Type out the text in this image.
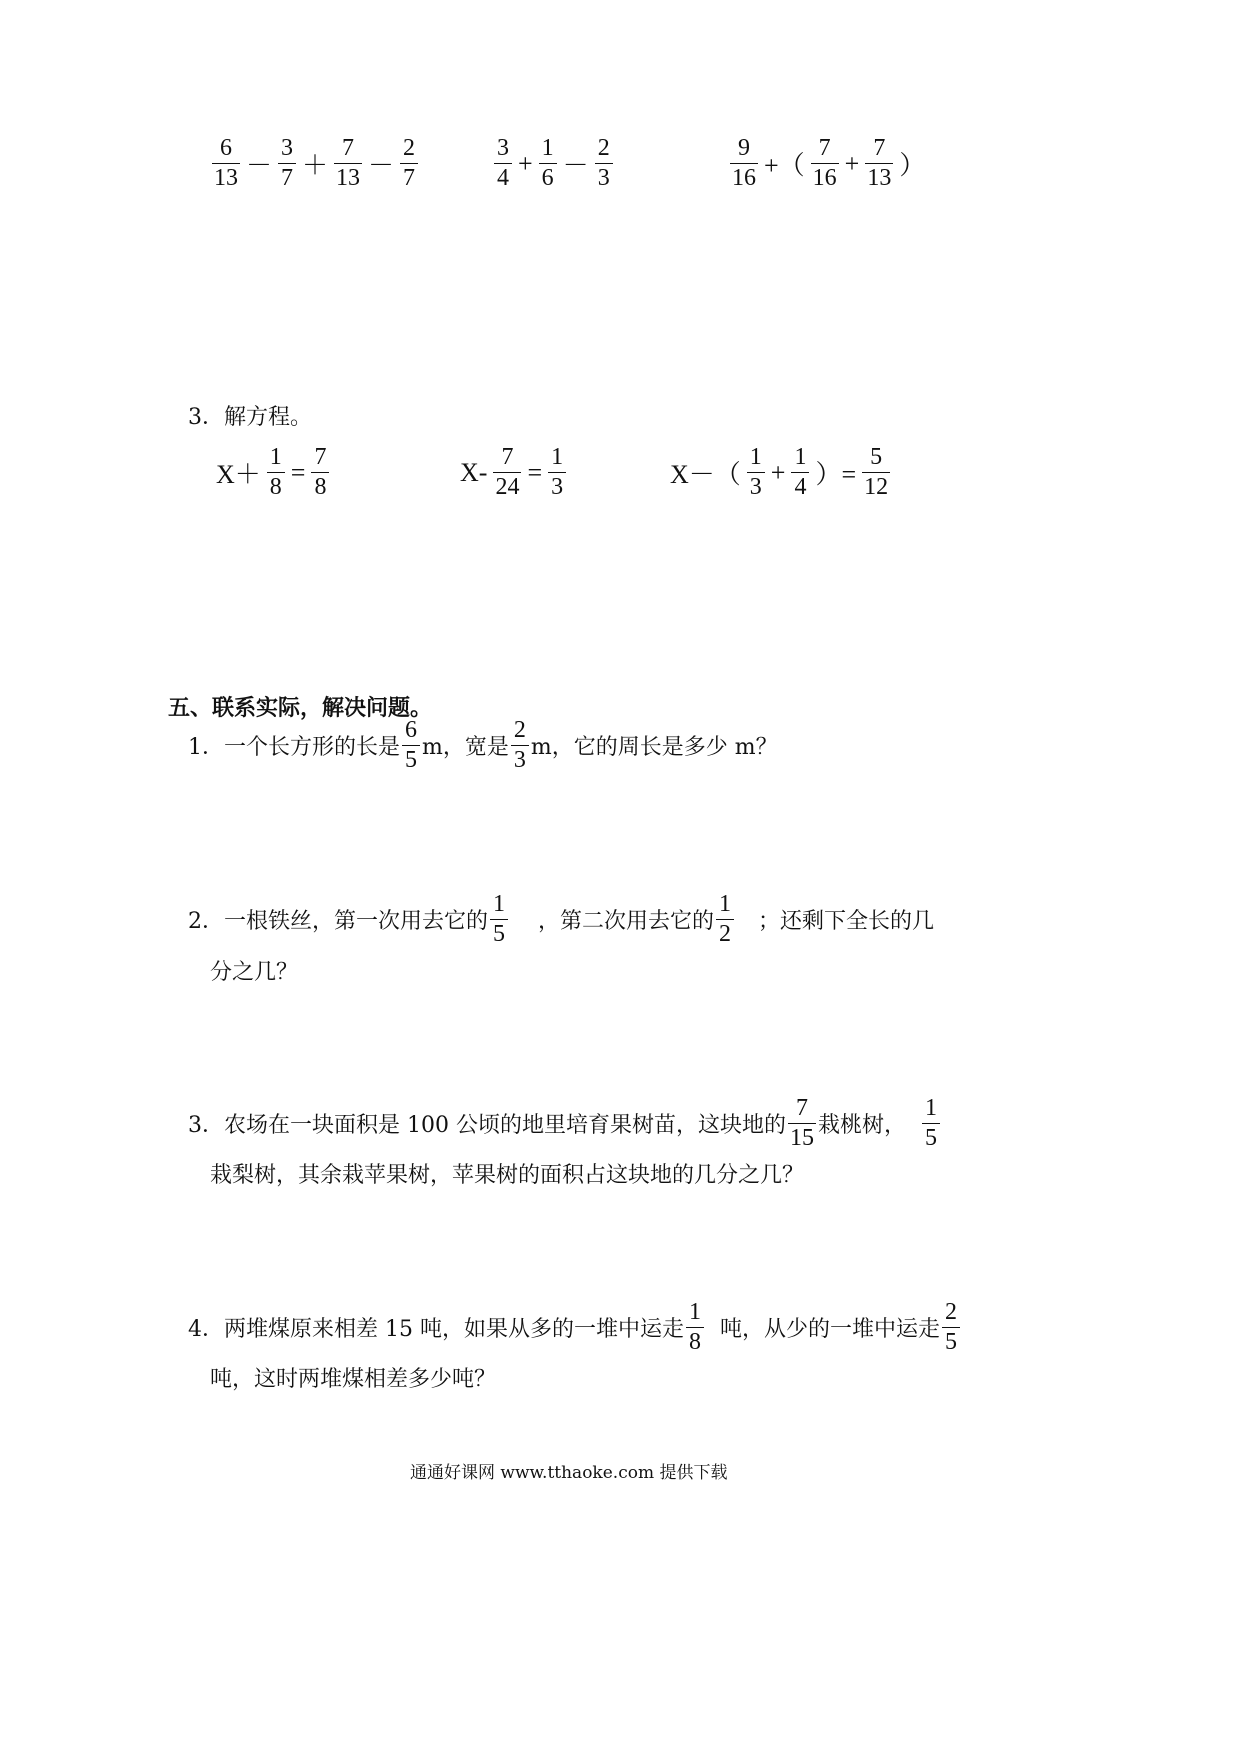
$\frac{6}{13} - \frac{3}{7} + \frac{7}{13} - \frac{2}{7}$	$\frac{3}{4} + \frac{1}{6} - \frac{2}{3}$	$\frac{9}{16}$ +（ $\frac{7}{16} + \frac{7}{13}$ ）
3．解方程。
$X+ \frac{1}{8} = \frac{7}{8}$	$X- \frac{7}{24} = \frac{1}{3}$	$X-( \frac{1}{3} + \frac{1}{4}$ ）= $\frac{5}{12}$
五、联系实际，解决问题。
1．一个长方形的长是 $\frac{6}{5}$ m，宽是 $\frac{2}{3}$ m，它的周长是多少 m？
2．一根铁丝，第一次用去它的 $\frac{1}{5}$ ，第二次用去它的 $\frac{1}{2}$ ；还剩下全长的几
分之几？
3．农场在一块面积是 100 公顷的地里培育果树苗，这块地的 $\frac{7}{15}$ 栽桃树， $\frac{1}{5}$
栽梨树，其余栽苹果树，苹果树的面积占这块地的几分之几？
4．两堆煤原来相差 15 吨，如果从多的一堆中运走 $\frac{1}{8}$ 吨，从少的一堆中运走 $\frac{2}{5}$
吨，这时两堆煤相差多少吨？
通通好课网 www.tthaoke.com 提供下载
